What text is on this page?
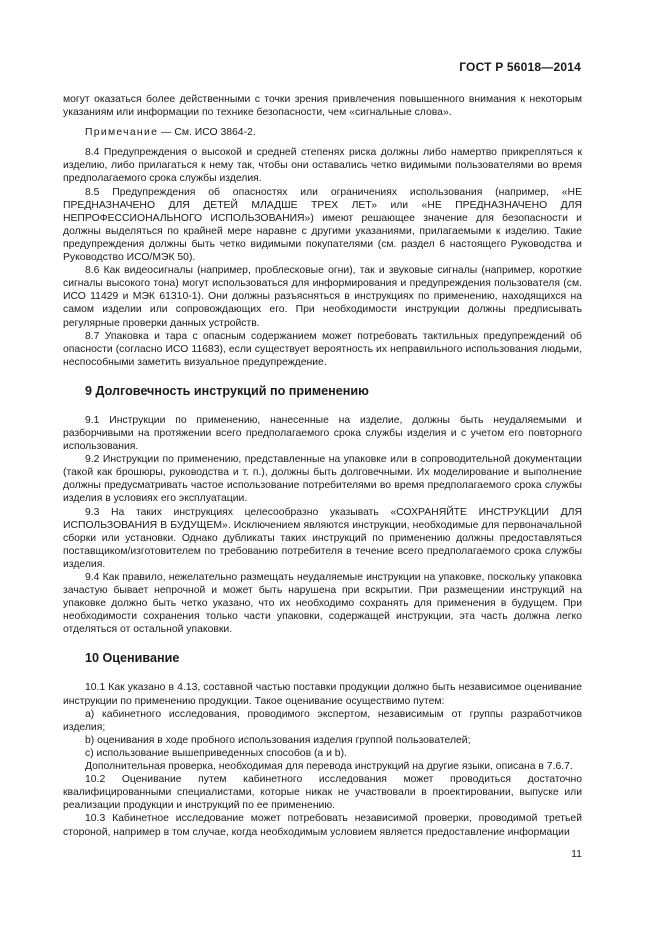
ГОСТ Р 56018—2014

могут оказаться более действенными с точки зрения привлечения повышенного внимания к некоторым указаниям или информации по технике безопасности, чем «сигнальные слова».

Примечание — См. ИСО 3864-2.

8.4 Предупреждения о высокой и средней степенях риска должны либо намертво прикрепляться к изделию, либо прилагаться к нему так, чтобы они оставались четко видимыми пользователями во время предполагаемого срока службы изделия.

8.5 Предупреждения об опасностях или ограничениях использования (например, «НЕ ПРЕДНАЗНАЧЕНО ДЛЯ ДЕТЕЙ МЛАДШЕ ТРЕХ ЛЕТ» или «НЕ ПРЕДНАЗНАЧЕНО ДЛЯ НЕПРОФЕССИОНАЛЬНОГО ИСПОЛЬЗОВАНИЯ») имеют решающее значение для безопасности и должны выделяться по крайней мере наравне с другими указаниями, прилагаемыми к изделию. Такие предупреждения должны быть четко видимыми покупателями (см. раздел 6 настоящего Руководства и Руководство ИСО/МЭК 50).

8.6 Как видеосигналы (например, проблесковые огни), так и звуковые сигналы (например, короткие сигналы высокого тона) могут использоваться для информирования и предупреждения пользователя (см. ИСО 11429 и МЭК 61310-1). Они должны разъясняться в инструкциях по применению, находящихся на самом изделии или сопровождающих его. При необходимости инструкции должны предписывать регулярные проверки данных устройств.

8.7 Упаковка и тара с опасным содержанием может потребовать тактильных предупреждений об опасности (согласно ИСО 11683), если существует вероятность их неправильного использования людьми, неспособными заметить визуальное предупреждение.

9 Долговечность инструкций по применению

9.1 Инструкции по применению, нанесенные на изделие, должны быть неудаляемыми и разборчивыми на протяжении всего предполагаемого срока службы изделия и с учетом его повторного использования.

9.2 Инструкции по применению, представленные на упаковке или в сопроводительной документации (такой как брошюры, руководства и т. п.), должны быть долговечными. Их моделирование и выполнение должны предусматривать частое использование потребителями во время предполагаемого срока службы изделия в условиях его эксплуатации.

9.3 На таких инструкциях целесообразно указывать «СОХРАНЯЙТЕ ИНСТРУКЦИИ ДЛЯ ИСПОЛЬЗОВАНИЯ В БУДУЩЕМ». Исключением являются инструкции, необходимые для первоначальной сборки или установки. Однако дубликаты таких инструкций по применению должны предоставляться поставщиком/изготовителем по требованию потребителя в течение всего предполагаемого срока службы изделия.

9.4 Как правило, нежелательно размещать неудаляемые инструкции на упаковке, поскольку упаковка зачастую бывает непрочной и может быть нарушена при вскрытии. При размещении инструкций на упаковке должно быть четко указано, что их необходимо сохранять для применения в будущем. При необходимости сохранения только части упаковки, содержащей инструкции, эта часть должна легко отделяться от остальной упаковки.

10 Оценивание

10.1 Как указано в 4.13, составной частью поставки продукции должно быть независимое оценивание инструкции по применению продукции. Такое оценивание осуществимо путем:

a) кабинетного исследования, проводимого экспертом, независимым от группы разработчиков изделия;

b) оценивания в ходе пробного использования изделия группой пользователей;

c) использование вышеприведенных способов (a и b).

Дополнительная проверка, необходимая для перевода инструкций на другие языки, описана в 7.6.7.

10.2 Оценивание путем кабинетного исследования может проводиться достаточно квалифицированными специалистами, которые никак не участвовали в проектировании, выпуске или реализации продукции и инструкций по ее применению.

10.3 Кабинетное исследование может потребовать независимой проверки, проводимой третьей стороной, например в том случае, когда необходимым условием является предоставление информации

11
